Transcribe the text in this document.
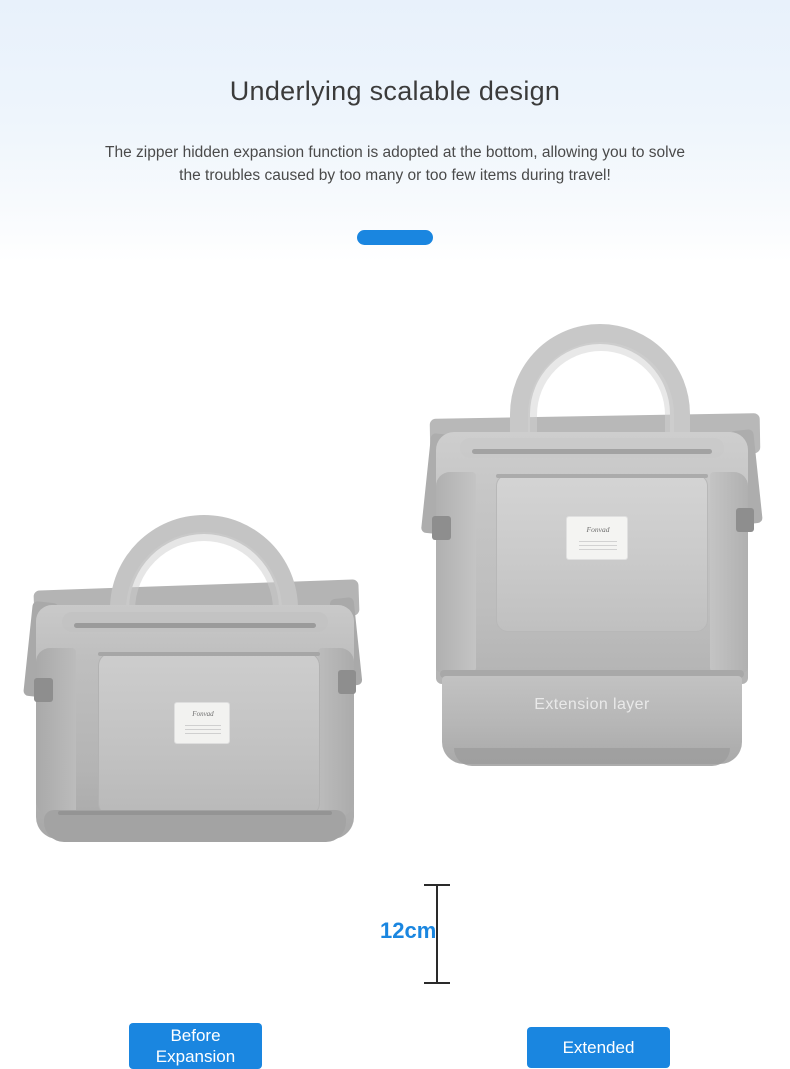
Underlying scalable design
The zipper hidden expansion function is adopted at the bottom, allowing you to solve the troubles caused by too many or too few items during travel!
Fonvad
Fonvad
Extension layer
12cm
Before
Expansion	Extended
